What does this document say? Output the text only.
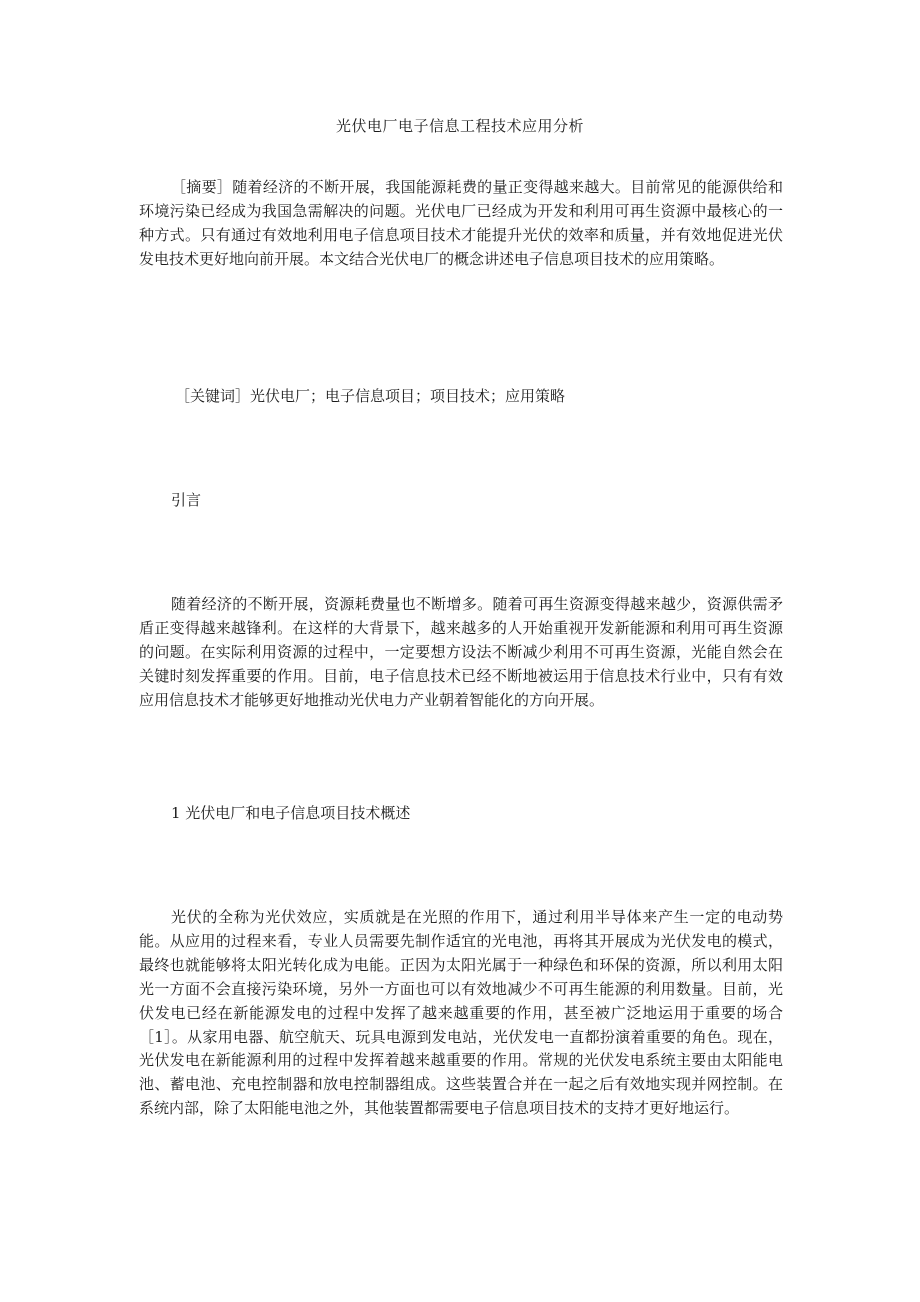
光伏电厂电子信息工程技术应用分析

［摘要］随着经济的不断开展，我国能源耗费的量正变得越来越大。目前常见的能源供给和环境污染已经成为我国急需解决的问题。光伏电厂已经成为开发和利用可再生资源中最核心的一种方式。只有通过有效地利用电子信息项目技术才能提升光伏的效率和质量，并有效地促进光伏发电技术更好地向前开展。本文结合光伏电厂的概念讲述电子信息项目技术的应用策略。

［关键词］光伏电厂；电子信息项目；项目技术；应用策略

引言

随着经济的不断开展，资源耗费量也不断增多。随着可再生资源变得越来越少，资源供需矛盾正变得越来越锋利。在这样的大背景下，越来越多的人开始重视开发新能源和利用可再生资源的问题。在实际利用资源的过程中，一定要想方设法不断减少利用不可再生资源，光能自然会在关键时刻发挥重要的作用。目前，电子信息技术已经不断地被运用于信息技术行业中，只有有效应用信息技术才能够更好地推动光伏电力产业朝着智能化的方向开展。

1 光伏电厂和电子信息项目技术概述

光伏的全称为光伏效应，实质就是在光照的作用下，通过利用半导体来产生一定的电动势能。从应用的过程来看，专业人员需要先制作适宜的光电池，再将其开展成为光伏发电的模式，最终也就能够将太阳光转化成为电能。正因为太阳光属于一种绿色和环保的资源，所以利用太阳光一方面不会直接污染环境，另外一方面也可以有效地减少不可再生能源的利用数量。目前，光伏发电已经在新能源发电的过程中发挥了越来越重要的作用，甚至被广泛地运用于重要的场合［1］。从家用电器、航空航天、玩具电源到发电站，光伏发电一直都扮演着重要的角色。现在，光伏发电在新能源利用的过程中发挥着越来越重要的作用。常规的光伏发电系统主要由太阳能电池、蓄电池、充电控制器和放电控制器组成。这些装置合并在一起之后有效地实现并网控制。在系统内部，除了太阳能电池之外，其他装置都需要电子信息项目技术的支持才更好地运行。
